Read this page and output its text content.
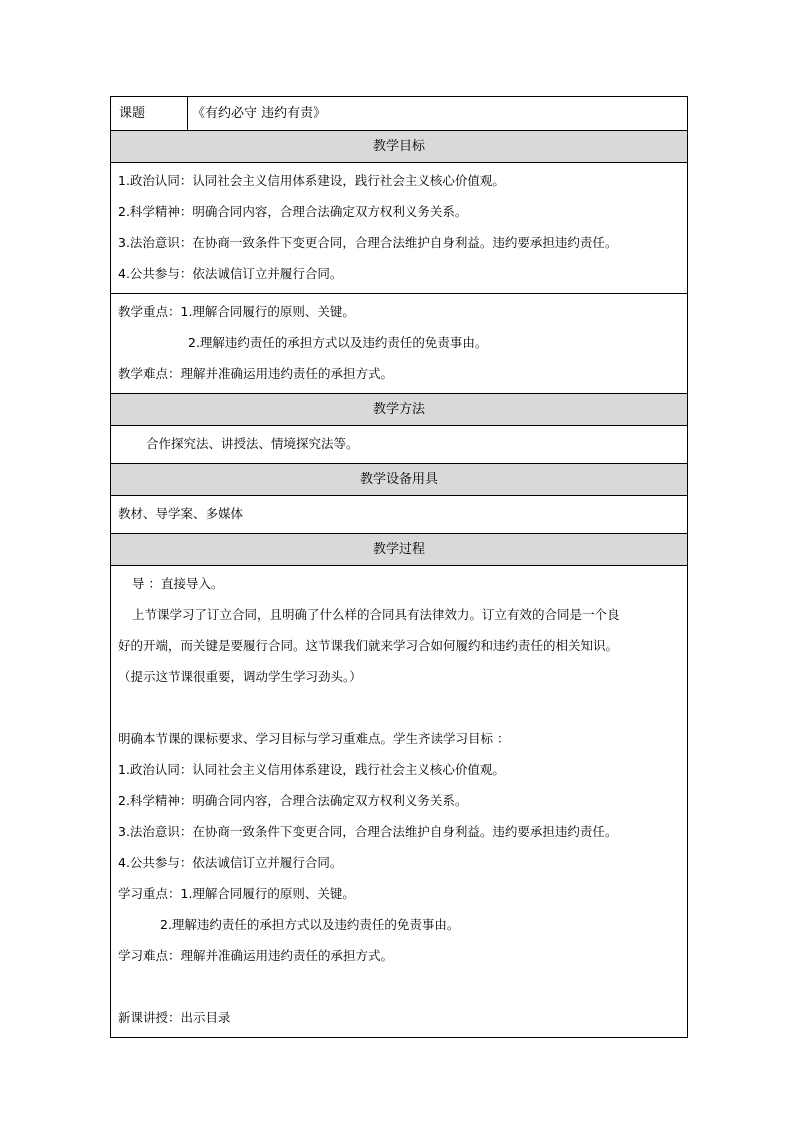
课题	《有约必守 违约有责》
教学目标
1.政治认同：认同社会主义信用体系建设，践行社会主义核心价值观。
2.科学精神：明确合同内容，合理合法确定双方权利义务关系。
3.法治意识：在协商一致条件下变更合同，合理合法维护自身利益。违约要承担违约责任。
4.公共参与：依法诚信订立并履行合同。
教学重点：1.理解合同履行的原则、关键。
2.理解违约责任的承担方式以及违约责任的免责事由。
教学难点：理解并准确运用违约责任的承担方式。
教学方法
合作探究法、讲授法、情境探究法等。
教学设备用具
教材、导学案、多媒体
教学过程
导 ：直接导入。
上节课学习了订立合同，且明确了什么样的合同具有法律效力。订立有效的合同是一个良
好的开端，而关键是要履行合同。这节课我们就来学习合如何履约和违约责任的相关知识。
（提示这节课很重要，调动学生学习劲头。）
明确本节课的课标要求、学习目标与学习重难点。学生齐读学习目标 ：
1.政治认同：认同社会主义信用体系建设，践行社会主义核心价值观。
2.科学精神：明确合同内容，合理合法确定双方权利义务关系。
3.法治意识：在协商一致条件下变更合同，合理合法维护自身利益。违约要承担违约责任。
4.公共参与：依法诚信订立并履行合同。
学习重点：1.理解合同履行的原则、关键。
2.理解违约责任的承担方式以及违约责任的免责事由。
学习难点：理解并准确运用违约责任的承担方式。
新课讲授：出示目录
